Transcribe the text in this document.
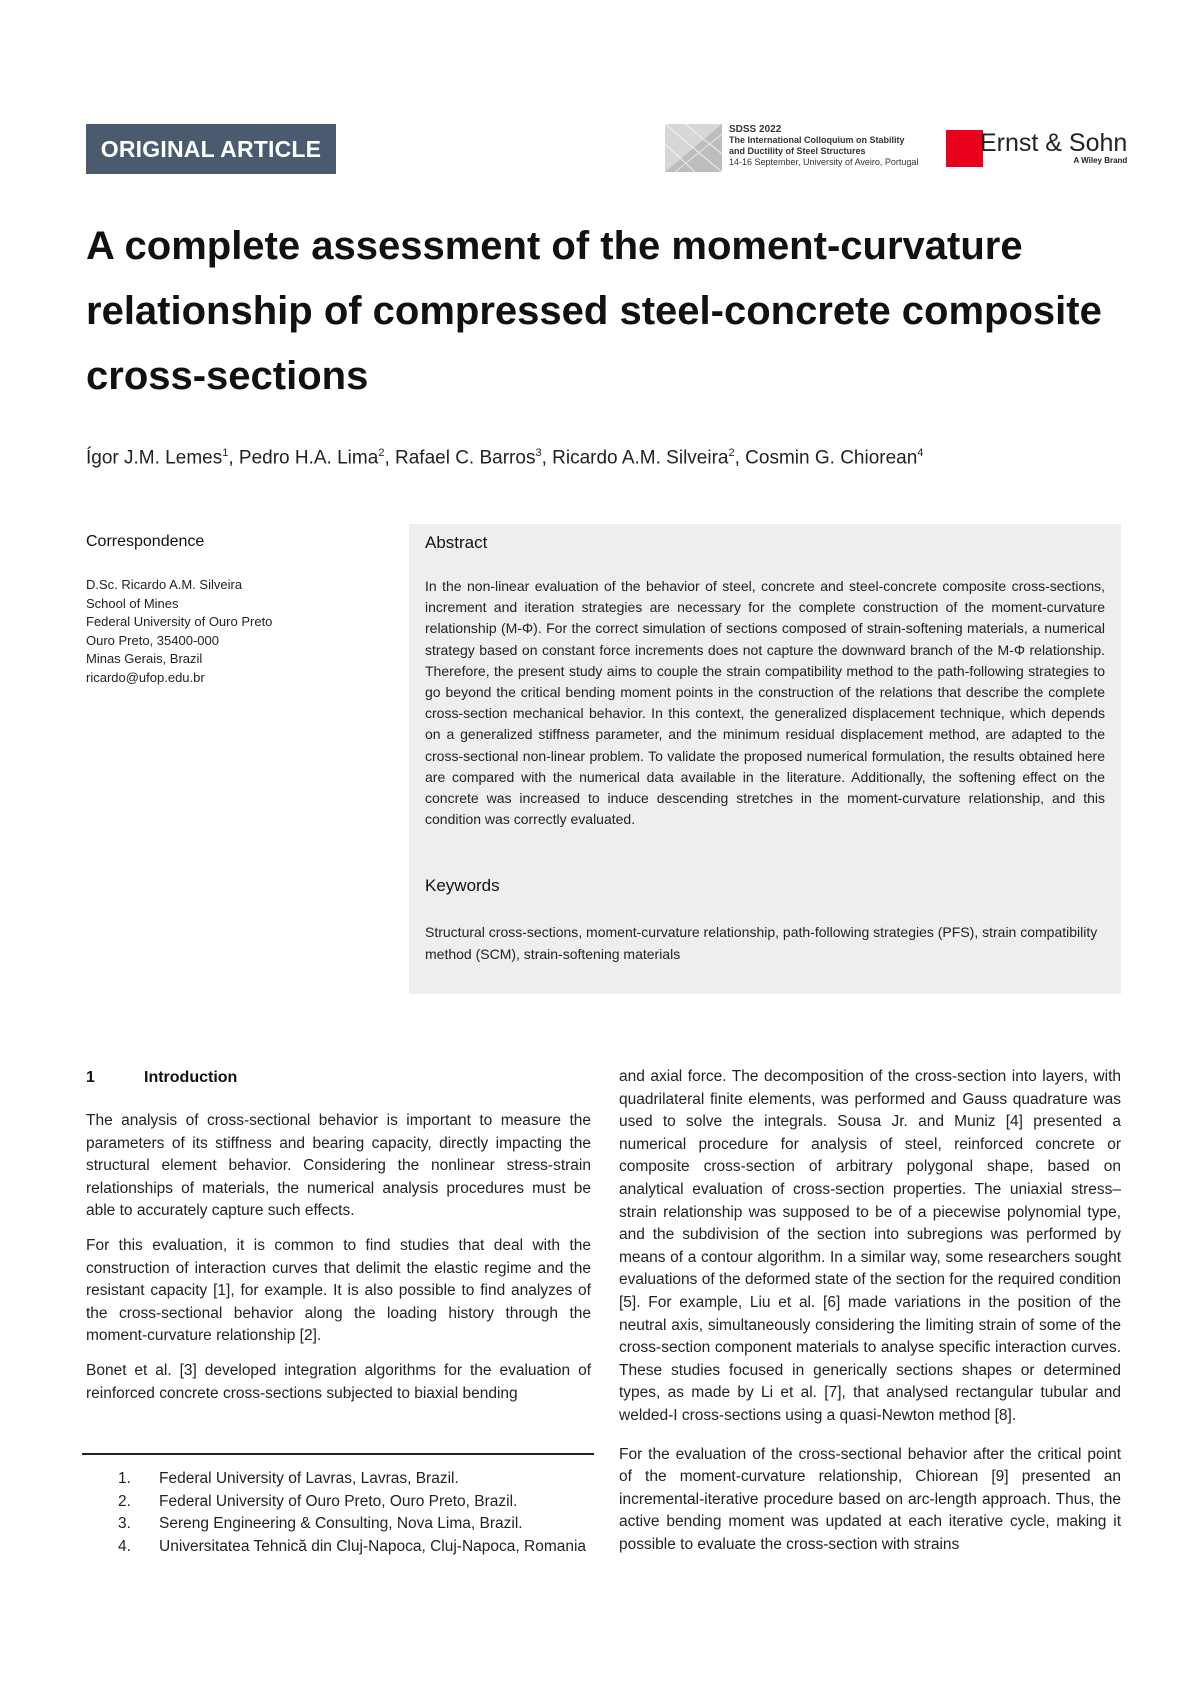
ORIGINAL ARTICLE
SDSS 2022
The International Colloquium on Stability
and Ductility of Steel Structures
14-16 September, University of Aveiro, Portugal
Ernst & Sohn
A Wiley Brand
A complete assessment of the moment-curvature relationship of compressed steel-concrete composite cross-sections
Ígor J.M. Lemes$^1$, Pedro H.A. Lima$^2$, Rafael C. Barros$^3$, Ricardo A.M. Silveira$^2$, Cosmin G. Chiorean$^4$
Correspondence
D.Sc. Ricardo A.M. Silveira
School of Mines
Federal University of Ouro Preto
Ouro Preto, 35400-000
Minas Gerais, Brazil
ricardo@ufop.edu.br
Abstract
In the non-linear evaluation of the behavior of steel, concrete and steel-concrete composite cross-sections, increment and iteration strategies are necessary for the complete construction of the moment-curvature relationship (M-Φ). For the correct simulation of sections composed of strain-softening materials, a numerical strategy based on constant force increments does not capture the downward branch of the M-Φ relationship. Therefore, the present study aims to couple the strain compatibility method to the path-following strategies to go beyond the critical bending moment points in the construction of the relations that describe the complete cross-section mechanical behavior. In this context, the generalized displacement technique, which depends on a generalized stiffness parameter, and the minimum residual displacement method, are adapted to the cross-sectional non-linear problem. To validate the proposed numerical formulation, the results obtained here are compared with the numerical data available in the literature. Additionally, the softening effect on the concrete was increased to induce descending stretches in the moment-curvature relationship, and this condition was correctly evaluated.
Keywords
Structural cross-sections, moment-curvature relationship, path-following strategies (PFS), strain compatibility method (SCM), strain-softening materials
1	Introduction

The analysis of cross-sectional behavior is important to measure the parameters of its stiffness and bearing capacity, directly impacting the structural element behavior. Considering the nonlinear stress-strain relationships of materials, the numerical analysis procedures must be able to accurately capture such effects.

For this evaluation, it is common to find studies that deal with the construction of interaction curves that delimit the elastic regime and the resistant capacity [1], for example. It is also possible to find analyzes of the cross-sectional behavior along the loading history through the moment-curvature relationship [2].

Bonet et al. [3] developed integration algorithms for the evaluation of reinforced concrete cross-sections subjected to biaxial bending

1.	Federal University of Lavras, Lavras, Brazil.
2.	Federal University of Ouro Preto, Ouro Preto, Brazil.
3.	Sereng Engineering & Consulting, Nova Lima, Brazil.
4.	Universitatea Tehnică din Cluj-Napoca, Cluj-Napoca, Romania

and axial force. The decomposition of the cross-section into layers, with quadrilateral finite elements, was performed and Gauss quadrature was used to solve the integrals. Sousa Jr. and Muniz [4] presented a numerical procedure for analysis of steel, reinforced concrete or composite cross-section of arbitrary polygonal shape, based on analytical evaluation of cross-section properties. The uniaxial stress–strain relationship was supposed to be of a piecewise polynomial type, and the subdivision of the section into subregions was performed by means of a contour algorithm. In a similar way, some researchers sought evaluations of the deformed state of the section for the required condition [5]. For example, Liu et al. [6] made variations in the position of the neutral axis, simultaneously considering the limiting strain of some of the cross-section component materials to analyse specific interaction curves. These studies focused in generically sections shapes or determined types, as made by Li et al. [7], that analysed rectangular tubular and welded-I cross-sections using a quasi-Newton method [8].

For the evaluation of the cross-sectional behavior after the critical point of the moment-curvature relationship, Chiorean [9] presented an incremental-iterative procedure based on arc-length approach. Thus, the active bending moment was updated at each iterative cycle, making it possible to evaluate the cross-section with strains
